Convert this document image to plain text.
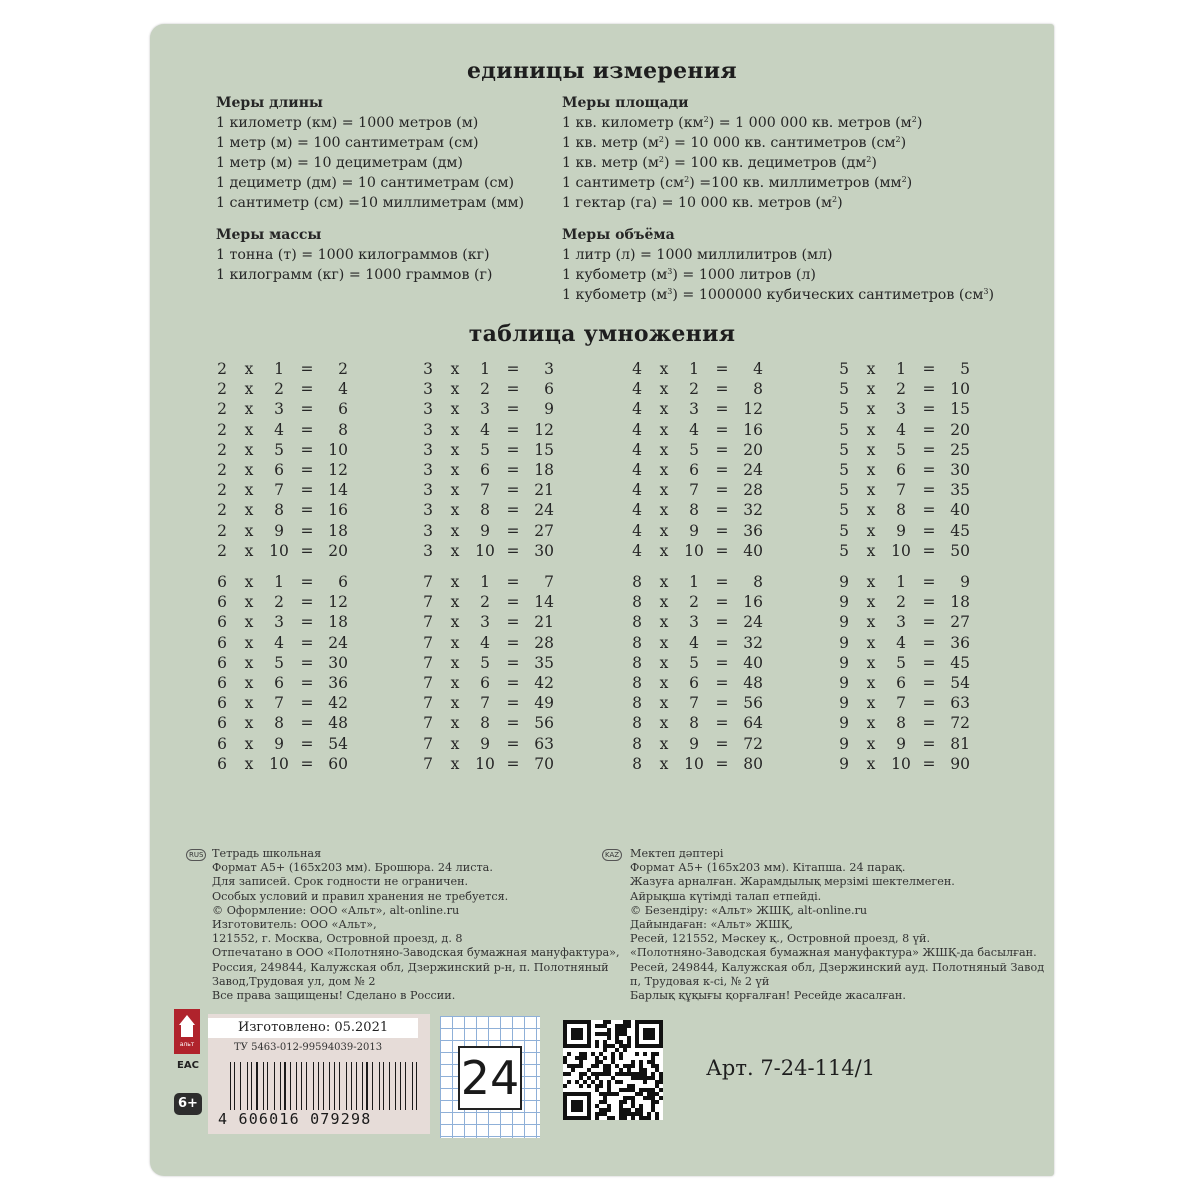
единицы измерения
Меры длины
1 километр (км) = 1000 метров (м)
1 метр (м) = 100 сантиметрам (см)
1 метр (м) = 10 дециметрам (дм)
1 дециметр (дм) = 10 сантиметрам (см)
1 сантиметр (см) =10 миллиметрам (мм)
Меры массы
1 тонна (т) = 1000 килограммов (кг)
1 килограмм (кг) = 1000 граммов (г)
Меры площади
1 кв. километр $(км^2) = 1$ 000 000 кв. метров $(м^2)$
1 кв. метр $(м^2) = 10$ 000 кв. сантиметров $(см^2)$
1 кв. метр $(м^2) = 100$ кв. дециметров $(дм^2)$
1 сантиметр $(см^2) =100$ кв. миллиметров $(мм^2)$
1 гектар (га) = 10 000 кв. метров $(м^2)$
Меры объёма
1 литр (л) = 1000 миллилитров (мл)
1 кубометр $(м^3) = 1000$ литров (л)
1 кубометр $(м^3) = 1000000$ кубических сантиметров $(см^3)$
таблица умножения
2 x	1	=	2
2 x	2	=	4
2 x	3	=	6
2 x	4	=	8
2 x	5	= 10
2 x	6	= 12
2 x	7	= 14
2 x	8	= 16
2 x	9	= 18
2 x 10 = 20
3 x	1	=	3
3 x	2	=	6
3 x	3	=	9
3 x	4	= 12
3 x	5	= 15
3 x	6	= 18
3 x	7	= 21
3 x	8	= 24
3 x	9	= 27
3 x 10 = 30
4 x	1	=	4
4 x	2	=	8
4 x	3	= 12
4 x	4	= 16
4 x	5	= 20
4 x	6	= 24
4 x	7	= 28
4 x	8	= 32
4 x	9	= 36
4 x 10 = 40
5 x	1	=	5
5 x	2	= 10
5 x	3	= 15
5 x	4	= 20
5 x	5	= 25
5 x	6	= 30
5 x	7	= 35
5 x	8	= 40
5 x	9	= 45
5 x 10 = 50
6 x	1	=	6
6 x	2	= 12
6 x	3	= 18
6 x	4	= 24
6 x	5	= 30
6 x	6	= 36
6 x	7	= 42
6 x	8	= 48
6 x	9	= 54
6 x 10 = 60
7 x	1	=	7
7 x	2	= 14
7 x	3	= 21
7 x	4	= 28
7 x	5	= 35
7 x	6	= 42
7 x	7	= 49
7 x	8	= 56
7 x	9	= 63
7 x 10 = 70
8 x	1	=	8
8 x	2	= 16
8 x	3	= 24
8 x	4	= 32
8 x	5	= 40
8 x	6	= 48
8 x	7	= 56
8 x	8	= 64
8 x	9	= 72
8 x 10 = 80
9 x	1	=	9
9 x	2	= 18
9 x	3	= 27
9 x	4	= 36
9 x	5	= 45
9 x	6	= 54
9 x	7	= 63
9 x	8	= 72
9 x	9	= 81
9 x 10 = 90
Тетрадь школьная
Формат А5+ (165х203 мм). Брошюра. 24 листа.
Для записей. Срок годности не ограничен.
Особых условий и правил хранения не требуется.
© Оформление: ООО «Альт», alt-online.ru
Изготовитель: ООО «Альт»,
121552, г. Москва, Островной проезд, д. 8
Отпечатано в ООО «Полотняно-Заводская бумажная мануфактура»,
Россия, 249844, Калужская обл, Дзержинский р-н, п. Полотняный
Завод,Трудовая ул, дом № 2
Все права защищены! Сделано в России.
RUS	Мектеп дәптері
Формат А5+ (165х203 мм). Кітапша. 24 парақ.
Жазуға арналған. Жарамдылық мерзімі шектелмеген.
Айрықша күтімді талап етпейді.
© Безендіру: «Альт» ЖШҚ, alt-online.ru
Дайындаған: «Альт» ЖШҚ,
Ресей, 121552, Мәскеу қ., Островной проезд, 8 үй.
«Полотняно-Заводская бумажная мануфактура» ЖШҚ-да басылған.
Ресей, 249844, Калужская обл, Дзержинский ауд. Полотняный Завод
п, Трудовая к-сі, № 2 үй
Барлық құқығы қорғалған! Ресейде жасалған.
KAZ
альт
EAC
6+
Изготовлено: 05.2021
ТУ 5463-012-99594039-2013
4 606016 079298
24	Арт. 7-24-114/1
